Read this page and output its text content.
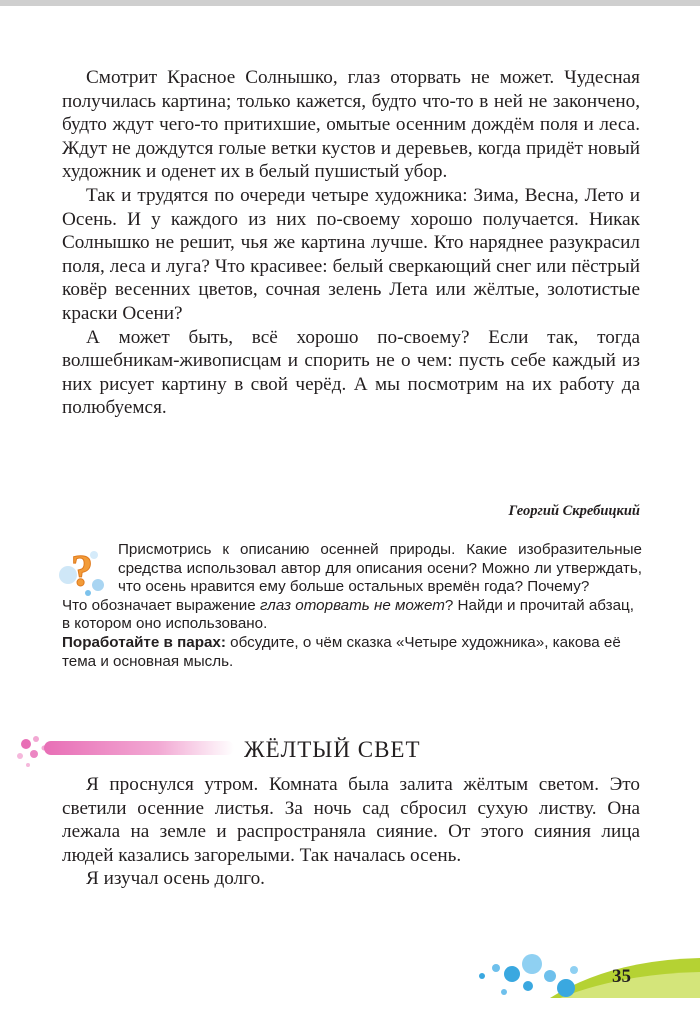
Смотрит Красное Солнышко, глаз оторвать не может. Чудесная получилась картина; только кажется, будто что-то в ней не закончено, будто ждут чего-то притихшие, омытые осенним дождём поля и леса. Ждут не дождутся голые ветки кустов и деревьев, когда придёт новый художник и оденет их в белый пушистый убор.

Так и трудятся по очереди четыре художника: Зима, Весна, Лето и Осень. И у каждого из них по-своему хорошо получается. Никак Солнышко не решит, чья же картина лучше. Кто наряднее разукрасил поля, леса и луга? Что красивее: белый сверкающий снег или пёстрый ковёр весенних цветов, сочная зелень Лета или жёлтые, золотистые краски Осени?

А может быть, всё хорошо по-своему? Если так, тогда волшебникам-живописцам и спорить не о чем: пусть себе каждый из них рисует картину в свой черёд. А мы посмотрим на их работу да полюбуемся.

Георгий Скребицкий
?	Присмотрись к описанию осенней природы. Какие изобразительные средства использовал автор для описания осени? Можно ли утверждать, что осень нравится ему больше остальных времён года? Почему?

Что обозначает выражение глаз оторвать не может? Найди и прочитай абзац, в котором оно использовано.

Поработайте в парах: обсудите, о чём сказка «Четыре художника», какова её тема и основная мысль.

ЖЁЛТЫЙ СВЕТ

Я проснулся утром. Комната была залита жёлтым светом. Это светили осенние листья. За ночь сад сбросил сухую листву. Она лежала на земле и распространяла сияние. От этого сияния лица людей казались загорелыми. Так началась осень.

Я изучал осень долго.

35
